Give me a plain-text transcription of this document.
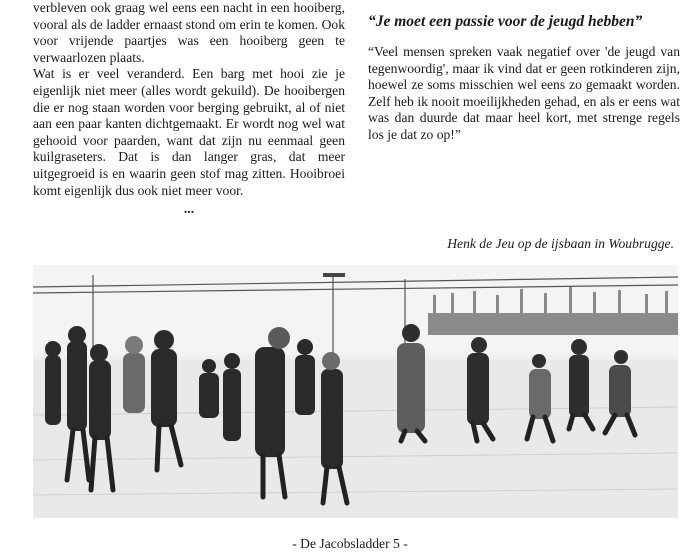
verbleven ook graag wel eens een nacht in een hooiberg, vooral als de ladder ernaast stond om erin te komen. Ook voor vrijende paartjes was een hooiberg geen te verwaarlozen plaats.

Wat is er veel veranderd. Een barg met hooi zie je eigenlijk niet meer (alles wordt gekuild). De hooibergen die er nog staan worden voor berging gebruikt, al of niet aan een paar kanten dichtgemaakt. Er wordt nog wel wat gehooid voor paarden, want dat zijn nu eenmaal geen kuilgraseters. Dat is dan langer gras, dat meer uitgegroeid is en waarin geen stof mag zitten. Hooibroei komt eigenlijk dus ook niet meer voor.

...

“Je moet een passie voor de jeugd hebben”

“Veel mensen spreken vaak negatief over 'de jeugd van tegenwoordig', maar ik vind dat er geen rotkinderen zijn, hoewel ze soms misschien wel eens zo gemaakt worden. Zelf heb ik nooit moeilijkheden gehad, en als er eens wat was dan duurde dat maar heel kort, met strenge regels los je dat zo op!”

Henk de Jeu op de ijsbaan in Woubrugge.
- De Jacobsladder 5 -
